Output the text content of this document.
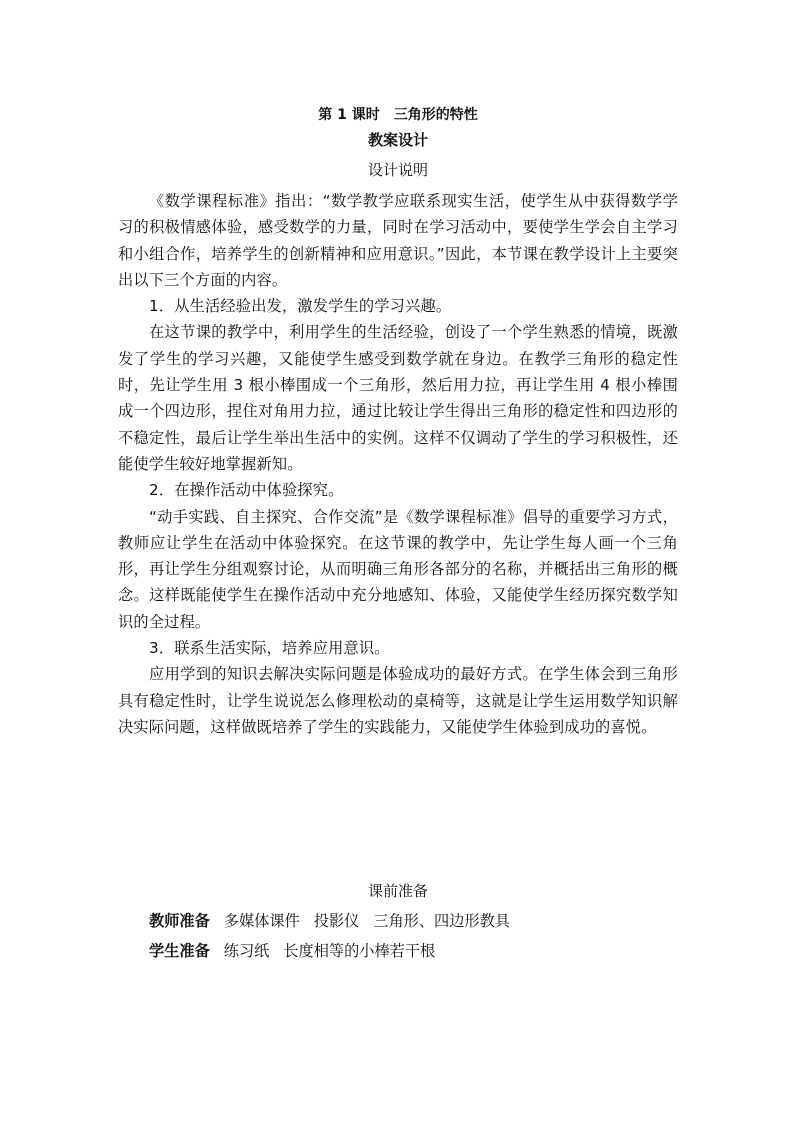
第 1 课时 三角形的特性
教案设计
设计说明

《数学课程标准》指出：“数学教学应联系现实生活，使学生从中获得数学学习的积极情感体验，感受数学的力量，同时在学习活动中，要使学生学会自主学习和小组合作，培养学生的创新精神和应用意识。”因此，本节课在教学设计上主要突出以下三个方面的内容。

1．从生活经验出发，激发学生的学习兴趣。

在这节课的教学中，利用学生的生活经验，创设了一个学生熟悉的情境，既激发了学生的学习兴趣，又能使学生感受到数学就在身边。在教学三角形的稳定性时，先让学生用 3 根小棒围成一个三角形，然后用力拉，再让学生用 4 根小棒围成一个四边形，捏住对角用力拉，通过比较让学生得出三角形的稳定性和四边形的不稳定性，最后让学生举出生活中的实例。这样不仅调动了学生的学习积极性，还能使学生较好地掌握新知。

2．在操作活动中体验探究。

“动手实践、自主探究、合作交流”是《数学课程标准》倡导的重要学习方式，教师应让学生在活动中体验探究。在这节课的教学中，先让学生每人画一个三角形，再让学生分组观察讨论，从而明确三角形各部分的名称，并概括出三角形的概念。这样既能使学生在操作活动中充分地感知、体验，又能使学生经历探究数学知识的全过程。

3．联系生活实际，培养应用意识。

应用学到的知识去解决实际问题是体验成功的最好方式。在学生体会到三角形具有稳定性时，让学生说说怎么修理松动的桌椅等，这就是让学生运用数学知识解决实际问题，这样做既培养了学生的实践能力，又能使学生体验到成功的喜悦。

课前准备
教师准备 多媒体课件 投影仪 三角形、四边形教具
学生准备 练习纸 长度相等的小棒若干根
